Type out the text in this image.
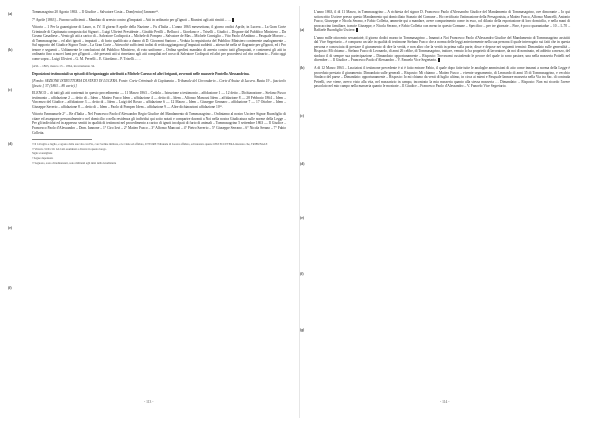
(a)
(b)
(c)
(d)
(e)
(f)

Tommasagrino 20 Agosto 1863. – Il Giudice – Salvatore Costa – Dom[enico] Iannone¹¹.

7° Aprile [1863] – Furono sufficienti – Mandato di arresto contro gl'imputati – Atti in ordinario per gl'ignoti – Riunirsi agli atti rimittì – …

Vittorio – 1 Per la guarnigione di Lauro, n. IV. Il giorno 8 aprile della Nazione – Fu d'Italia – L'anno 1863 mesesettano, il giorno ondici Aprile, in Lucera – La Gran Corte Criminale di Capitanata composta dai Signori – Luigi Ulivieri Presidente – Giraldo Perilli – Bellucci – Giordano e – Triselli – Giudici – Dispone dal Pubblico Ministero – Da Cosmo Casadiese – Vento gli atti a carico di – Salvatore Codispoti a – Michele di Pompeo – Salvatore de Mas – Michele Consiglio – Vito Paolo d'Ambino – Pasquale Mororo – di Tommasagrino – ed altri ignoti – imputati – di furto qualificato a danno di D. Giovanni Santoro – Veduta la requisitoria del Pubblico Ministero contenente analogamente – Sul rapporto del Giudice Signor Toste – La Gran Corte – Attesochè sufficienti indizi di reità raggiungono gl'imputati suddetti – attesochè nella sè flagrante per gl'ignoti, ed i Pro tenore e seguenti – Uditamente le conclusioni del Pubblico Ministero, di voto uniforme – Ordina spedirsi mandato di arresto contro tutti gl'imputati, e contenersi gli atti in ordinario fino a nuovi lumi per gl'ignoti – chè presenti atti si rimettano agli atti compilati nel corso di Salvatore Codispoti ed altri per procedersi col rito ordinario – Fatto oggi come sopra – Luigi Ulivieri – G. M. Perrelli – E. Giordano – P. Triselli – …

(ASL – 1863, mazzo 13 – 1864, incartamento 34.

Deposizioni testimoniali su episodi di brigantaggio attribuiti a Michele Caruso ed altri briganti, avvenuti nelle masserie Pontello Alessandrina.

[Fondo: SEZIONE ISTRUTTORIA DI STATO IN LUCERA. Fonte: Corte Criminale di Capitanata – Tribunale del Circondario – Corte d'Assise di Lucera. Busta 19 – fascicolo [fascic.] 37 (1863 – 80 carte).]

ELENCO – di tutti gli atti contenuti in questo procedimento — 11 Marzo 1863 – Cedola – Istruzione a testimonio – affidazione 1 — 12 detto – Dichiarazione – Stefano Fusco testimonio – affidazione 2 — detto di – Idem – Matteo Fusco Idem – affidazione 4 — detto di – Idem – Alfonso Mancusi Idem – affidazione 8 — 28 Febbraio 1864 – Idem – Vincenzo del Giudice – affidazione 3 — detto di – Idem – Luigi del Rosso – affidazione 6 — 12 Marzo – Idem – Giuseppe Gennaro – affidazione 7 — 17 Ottobre – Idem – Giuseppe Saverio – affidazione 8 — detto di – Idem – Paolo di Pompeo Idem – affidazione 9 — Altre dichiarazioni affidazione 10¹².

Vittorio Emmanuele 2° – Re d'Italia – Nel Francesco Paolo d'Alessandro Regio Giudice del Mandamento di Tommasagrino – Ordiniamo al nostro Usciere Signor Buonfiglio di citare ed assegnare personalmente o nel domicilio o nella residenza gli individui qui sotto notati e comparire davanti a Noi nella nostra Giudicatura sulle norme della Legge – Per gli individui ed in appresso sentiti in qualità di testimoni nel procedimento a carico di ignoti incolpati di furto di animali – Tommasagrino 5 settembre 1863 — Il Giudice – Francesco Paolo d'Alessandro – Dom. Iannone – 1° Ciro Iovi – 2° Matteo Fusco – 3° Alfonso Mancusi – 4° Pietro Saverio – 5° Giuseppe Serrano – 6° Nicola Serano – 7° Fabio Colletta.

¹¹ Il 14 luglio e luglio, e agosto dalla sua vita con Pio, con l'ordine militare, e le visite ed affidato, UTTORE Tribunale di Lucera affidato, ed intestato queste 1863 ECCETERA intestato che, TRIBUNALE
¹² Vittorio 31/01/10. GLI atti esaminati a diversi in questo luogo.
Sigle sconsigliate
¹ Segue depennato
¹¹ Seguono, sono cittadinanzati, sono militanti agli inizi della Giudiziaria
- 113 -
(a)
(b)
(c)
(d)
(e)
(f)
(g)

L'anno 1863, il dì 11 Marzo, in Tommasagrino – A richiesta del signor D. Francesco Paolo d'Alessandro Giudice del Mandamento di Tommasagrino, ove dimorante – Io qui sottoscritto Usciere presso questo Mandamento qui domiciliato Stanzio del Comune – Ho certificato l'intimazione della Presagonista, a Matteo Fusco, Alfonso Mancelli, Antonio Fusco, Giuseppe e Nicola Serano, e Fabio Colletta, ammette qui a mandare, avere comparimento come in esso, col dilazio della esportazione di loro domicilio, e nella mani di proscaccino familiare, trancie Giuseppe, e Nicola Serano, e Fabio Colletta con meno in questo Comune – Specifico – per tre giornate – Fine, è poco quarantadue – 10 – L.70 – Raffaele Buonfiglio Usciere.

L'anno mille ottocento sessantatrè, il giorno dodici marzo in Tommasagrino – Innanzi a Noi Francesco Paolo d'Alessandro Giudice del Mandamento di Tommasagrino assistiti dal Vice Segretario – è comparso un tale in qualità di testimone Stefano Fusco che a norma delle leggi anteriormente nella sua persona il quale interrogato sui fatti che in questa persona e conosciuta di prestare il giuramento di dire la verità, e non altro che la verità in prima sulla parte, disse e depose nei seguenti termini: Dimandato sulle generalità – Risposto: Mi chiamo – Stefano Fusco di Leonardo, di anni 26 celibe, dì Tommasagrino, trattore, venuto lo ha proprietà di lavoratore, da noi dì nominato, ed addetto a mezzo, del sindaco il di sempre sua partecipazione – Dimandato: opportunamente – Risposto: Trovavami custodendo le pecore del quale io sono pastore, una nella masseria Pottelli nel dicembre … Il Giudice – Francesco Paolo d'Alessandro – V. Fanoelo Vice Segretario.

A dì 12 Marzo 1863 – Lasciatosi il testimone precedente è si è fatto entrare Fabio, il quale dopo fatte tutte le analoghe ammissioni di atto come innanzi a norma della Legge è proceduto prestato il giuramento. Dimandato sulle generali – Risposto: Mi chiamo – Matteo Fusco – vivente segnamento, di Leonardo di anni 35 di Tommasagrino, e vecchio Sindaco del paese – Dimandato: opportunamente – Risposto: Io mi chiamo da venti di luglio ultimo, in circa ai mieni e Pasquale Iannore masseria nella Via tra Sac. di contrada Petrelli, ove viene, avevo visto alla vita, nel massarizio in campo, incontrato la mia masseria quanto alla stessa masseria … Dimandato: – Risposto: Non mi ricordo l'avere pascolato nel mio campo nella masseria quanto le mostrate – Il Giudice – Francesco Paolo d'Alessandro – V. Fanoelo Vice Segretario.

- 114 -
